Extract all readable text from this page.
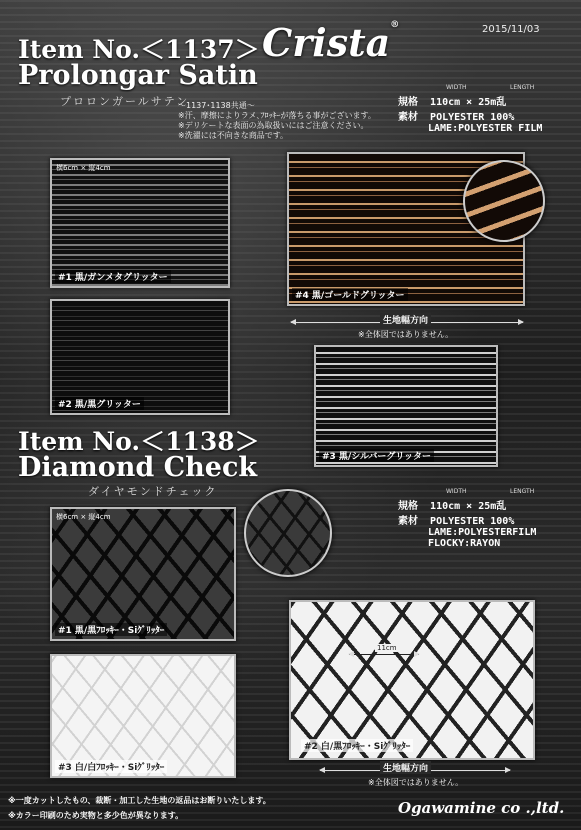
2015/11/03
Crista®
Item No.＜1137＞
Prolongar Satin
プロロンガールサテン
～1137･1138共通～
※汗、摩擦によりラメ､ﾌﾛｯｷｰが落ちる事がございます。
※デリケートな表面の為取扱いにはご注意ください。
※洗濯には不向きな商品です。
WIDTH	LENGTH
規格 110cm × 25m乱
素材 POLYESTER 100%
LAME:POLYESTER FILM
横6cm × 縦4cm
#1 黒/ガンメタグリッター
#2 黒/黒グリッター
#4 黒/ゴールドグリッター
生地幅方向
※全体図ではありません。
#3 黒/シルバーグリッター
Item No.＜1138＞
Diamond Check
ダイヤモンドチェック	WIDTH	LENGTH
規格 110cm × 25m乱
素材 POLYESTER 100%
LAME:POLYESTERFILM
FLOCKY:RAYON
横6cm × 縦4cm
#1 黒/黒ﾌﾛｯｷｰ・Siｸﾞﾘｯﾀｰ
#3 白/白ﾌﾛｯｷｰ・Siｸﾞﾘｯﾀｰ
11cm
#2 白/黒ﾌﾛｯｷｰ・Siｸﾞﾘｯﾀｰ
生地幅方向
※全体図ではありません。
※一度カットしたもの、裁断・加工した生地の返品はお断りいたします。
※カラー印刷のため実物と多少色が異なります。	Ogawamine co .,ltd.
